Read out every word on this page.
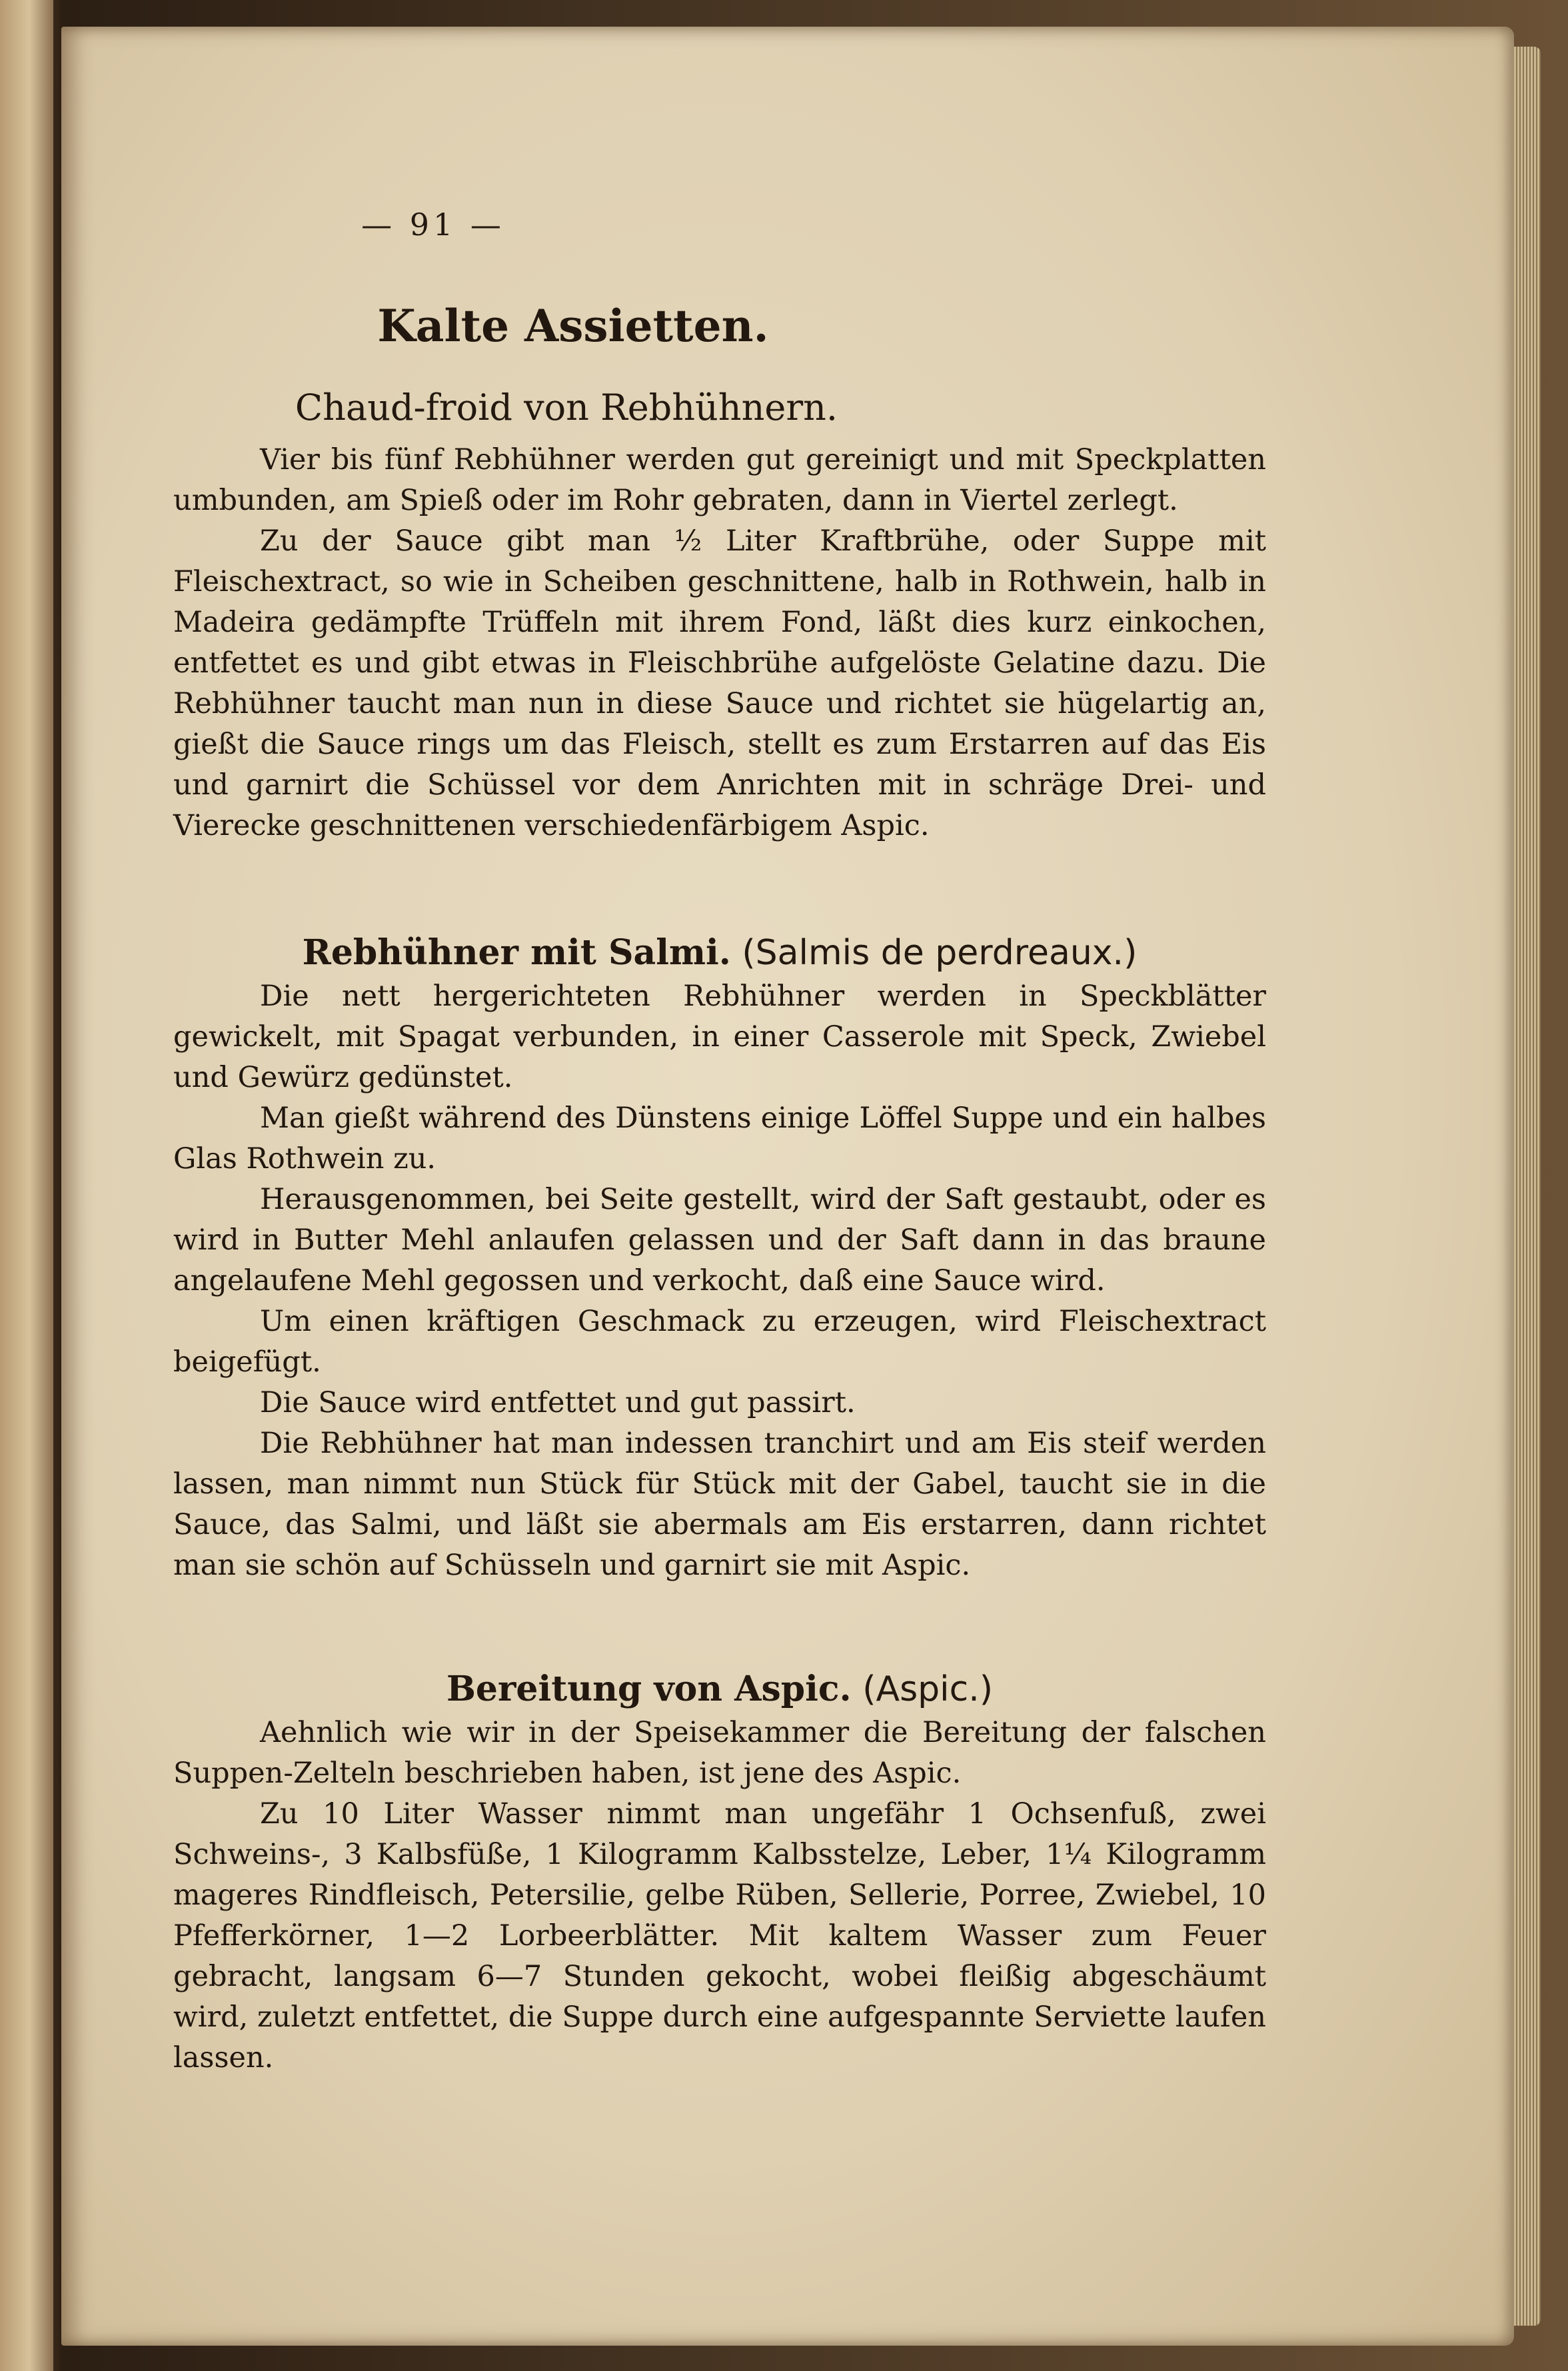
— 91 —
Kalte Assietten.
Chaud-froid von Rebhühnern.

Vier bis fünf Rebhühner werden gut gereinigt und mit Speckplatten umbunden, am Spieß oder im Rohr gebraten, dann in Viertel zerlegt.

Zu der Sauce gibt man ½ Liter Kraftbrühe, oder Suppe mit Fleischextract, so wie in Scheiben geschnittene, halb in Rothwein, halb in Madeira gedämpfte Trüffeln mit ihrem Fond, läßt dies kurz einkochen, entfettet es und gibt etwas in Fleischbrühe aufgelöste Gelatine dazu. Die Rebhühner taucht man nun in diese Sauce und richtet sie hügelartig an, gießt die Sauce rings um das Fleisch, stellt es zum Erstarren auf das Eis und garnirt die Schüssel vor dem Anrichten mit in schräge Drei- und Vierecke geschnittenen verschiedenfärbigem Aspic.

Rebhühner mit Salmi. (Salmis de perdreaux.)

Die nett hergerichteten Rebhühner werden in Speckblätter gewickelt, mit Spagat verbunden, in einer Casserole mit Speck, Zwiebel und Gewürz gedünstet.

Man gießt während des Dünstens einige Löffel Suppe und ein halbes Glas Rothwein zu.

Herausgenommen, bei Seite gestellt, wird der Saft gestaubt, oder es wird in Butter Mehl anlaufen gelassen und der Saft dann in das braune angelaufene Mehl gegossen und verkocht, daß eine Sauce wird.

Um einen kräftigen Geschmack zu erzeugen, wird Fleischextract beigefügt.

Die Sauce wird entfettet und gut passirt.

Die Rebhühner hat man indessen tranchirt und am Eis steif werden lassen, man nimmt nun Stück für Stück mit der Gabel, taucht sie in die Sauce, das Salmi, und läßt sie abermals am Eis erstarren, dann richtet man sie schön auf Schüsseln und garnirt sie mit Aspic.

Bereitung von Aspic. (Aspic.)

Aehnlich wie wir in der Speisekammer die Bereitung der falschen Suppen-Zelteln beschrieben haben, ist jene des Aspic.

Zu 10 Liter Wasser nimmt man ungefähr 1 Ochsenfuß, zwei Schweins-, 3 Kalbsfüße, 1 Kilogramm Kalbsstelze, Leber, 1¼ Kilogramm mageres Rindfleisch, Petersilie, gelbe Rüben, Sellerie, Porree, Zwiebel, 10 Pfefferkörner, 1—2 Lorbeerblätter. Mit kaltem Wasser zum Feuer gebracht, langsam 6—7 Stunden gekocht, wobei fleißig abgeschäumt wird, zuletzt entfettet, die Suppe durch eine aufgespannte Serviette laufen lassen.
